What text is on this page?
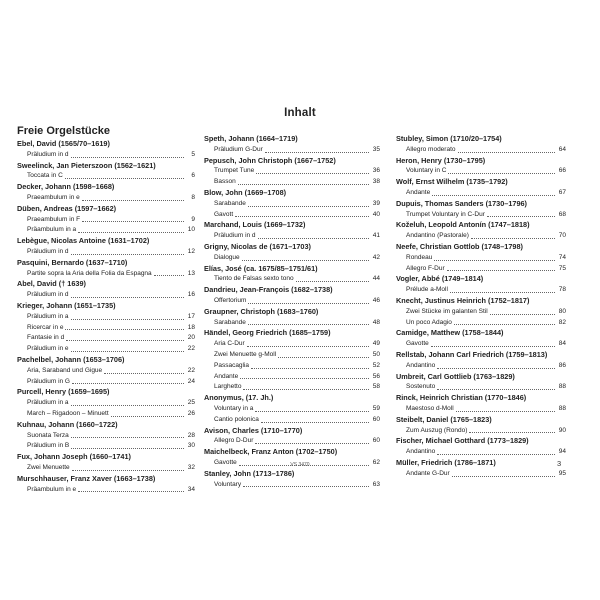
Inhalt
Freie Orgelstücke
Ebel, David (1565/70–1619)
Präludium in d	5
Sweelinck, Jan Pieterszoon (1562–1621)
Toccata in C	6
Decker, Johann (1598–1668)
Praeambulum in e	8
Düben, Andreas (1597–1662)
Praeambulum in F	9
Präambulum in a	10
Lebègue, Nicolas Antoine (1631–1702)
Präludium in d	12
Pasquini, Bernardo (1637–1710)
Partite sopra la Aria della Folia da Espagna	13
Abel, David († 1639)
Präludium in d	16
Krieger, Johann (1651–1735)
Präludium in a	17
Ricercar in e	18
Fantasie in d	20
Präludium in e	22
Pachelbel, Johann (1653–1706)
Aria, Saraband und Gigue	22
Präludium in G	24
Purcell, Henry (1659–1695)
Präludium in a	25
March – Rigadoon – Minuett	26
Kuhnau, Johann (1660–1722)
Suonata Terza	28
Präludium in B	30
Fux, Johann Joseph (1660–1741)
Zwei Menuette	32
Murschhauser, Franz Xaver (1663–1738)
Präambulum in e	34
Speth, Johann (1664–1719)
Präludium G-Dur	35
Pepusch, John Christoph (1667–1752)
Trumpet Tune	36
Basson	38
Blow, John (1669–1708)
Sarabande	39
Gavott	40
Marchand, Louis (1669–1732)
Präludium in d	41
Grigny, Nicolas de (1671–1703)
Dialogue	42
Elías, José (ca. 1675/85–1751/61)
Tiento de Falsas sexto tono	44
Dandrieu, Jean-François (1682–1738)
Offertorium	46
Graupner, Christoph (1683–1760)
Sarabande	48
Händel, Georg Friedrich (1685–1759)
Aria C-Dur	49
Zwei Menuette g-Moll	50
Passacaglia	52
Andante	56
Larghetto	58
Anonymus, (17. Jh.)
Voluntary in a	59
Cantio polonica	60
Avison, Charles (1710–1770)
Allegro D-Dur	60
Maichelbeck, Franz Anton (1702–1750)
Gavotte	62
Stanley, John (1713–1786)
Voluntary	63
Stubley, Simon (1710/20–1754)
Allegro moderato	64
Heron, Henry (1730–1795)
Voluntary in C	66
Wolf, Ernst Wilhelm (1735–1792)
Andante	67
Dupuis, Thomas Sanders (1730–1796)
Trumpet Voluntary in C-Dur	68
Koželuh, Leopold Antonín (1747–1818)
Andantino (Pastorale)	70
Neefe, Christian Gottlob (1748–1798)
Rondeau	74
Allegro F-Dur	75
Vogler, Abbé (1749–1814)
Prélude a-Moll	78
Knecht, Justinus Heinrich (1752–1817)
Zwei Stücke im galanten Stil	80
Un poco Adagio	82
Camidge, Matthew (1758–1844)
Gavotte	84
Rellstab, Johann Carl Friedrich (1759–1813)
Andantino	86
Umbreit, Carl Gottlieb (1763–1829)
Sostenuto	88
Rinck, Heinrich Christian (1770–1846)
Maestoso d-Moll	88
Steibelt, Daniel (1765–1823)
Zum Auszug (Rondo)	90
Fischer, Michael Gotthard (1773–1829)
Andantino	94
Müller, Friedrich (1786–1871)
Andante G-Dur	95
VS 3470	3
